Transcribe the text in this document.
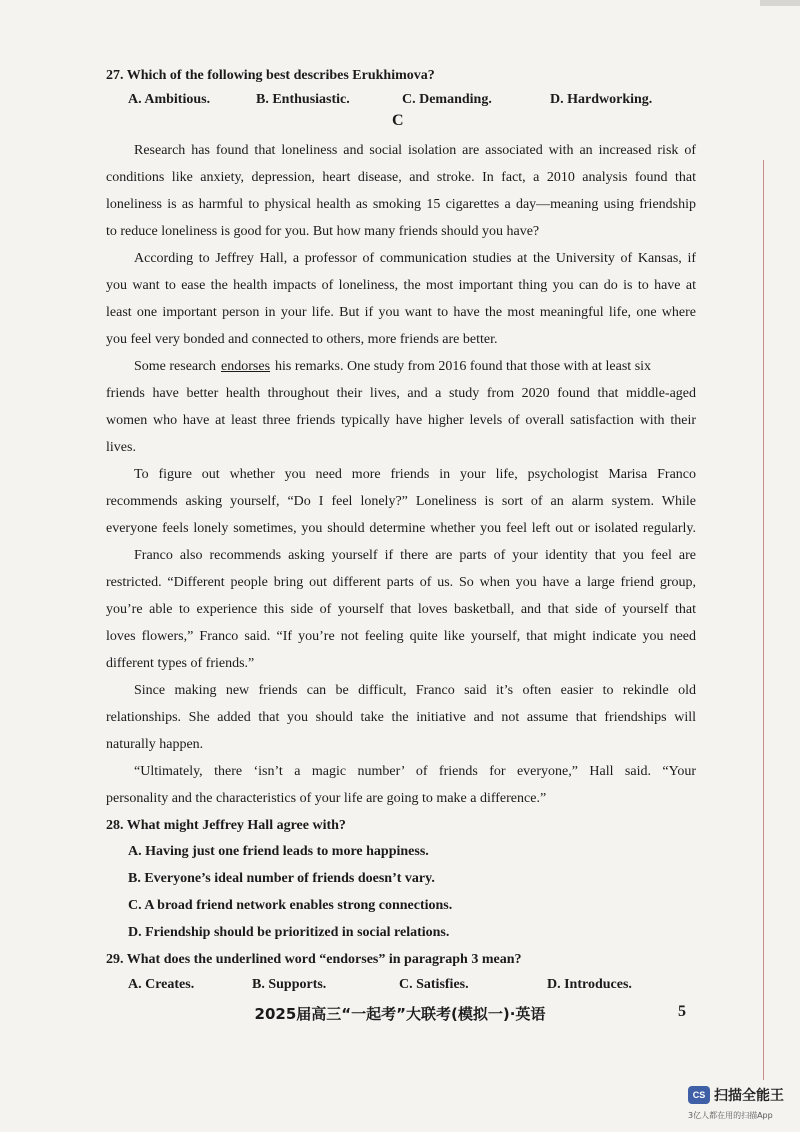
27. Which of the following best describes Erukhimova?
A. Ambitious.	B. Enthusiastic.	C. Demanding.	D. Hardworking.
C
Research has found that loneliness and social isolation are associated with an increased risk of
conditions like anxiety, depression, heart disease, and stroke. In fact, a 2010 analysis found that
loneliness is as harmful to physical health as smoking 15 cigarettes a day—meaning using friendship
to reduce loneliness is good for you. But how many friends should you have?
According to Jeffrey Hall, a professor of communication studies at the University of Kansas, if
you want to ease the health impacts of loneliness, the most important thing you can do is to have at
least one important person in your life. But if you want to have the most meaningful life, one where
you feel very bonded and connected to others, more friends are better.
Some research endorses his remarks. One study from 2016 found that those with at least six
friends have better health throughout their lives, and a study from 2020 found that middle-aged
women who have at least three friends typically have higher levels of overall satisfaction with their
lives.
To figure out whether you need more friends in your life, psychologist Marisa Franco
recommends asking yourself, “Do I feel lonely?” Loneliness is sort of an alarm system. While
everyone feels lonely sometimes, you should determine whether you feel left out or isolated regularly.
Franco also recommends asking yourself if there are parts of your identity that you feel are
restricted. “Different people bring out different parts of us. So when you have a large friend group,
you’re able to experience this side of yourself that loves basketball, and that side of yourself that
loves flowers,” Franco said. “If you’re not feeling quite like yourself, that might indicate you need
different types of friends.”
Since making new friends can be difficult, Franco said it’s often easier to rekindle old
relationships. She added that you should take the initiative and not assume that friendships will
naturally happen.
“Ultimately, there ‘isn’t a magic number’ of friends for everyone,” Hall said. “Your
personality and the characteristics of your life are going to make a difference.”
28. What might Jeffrey Hall agree with?
A. Having just one friend leads to more happiness.
B. Everyone’s ideal number of friends doesn’t vary.
C. A broad friend network enables strong connections.
D. Friendship should be prioritized in social relations.
29. What does the underlined word “endorses” in paragraph 3 mean?
A. Creates.	B. Supports.	C. Satisfies.	D. Introduces.
2025届高三“一起考”大联考(模拟一)·英语	5
CS 扫描全能王
3亿人都在用的扫描App
